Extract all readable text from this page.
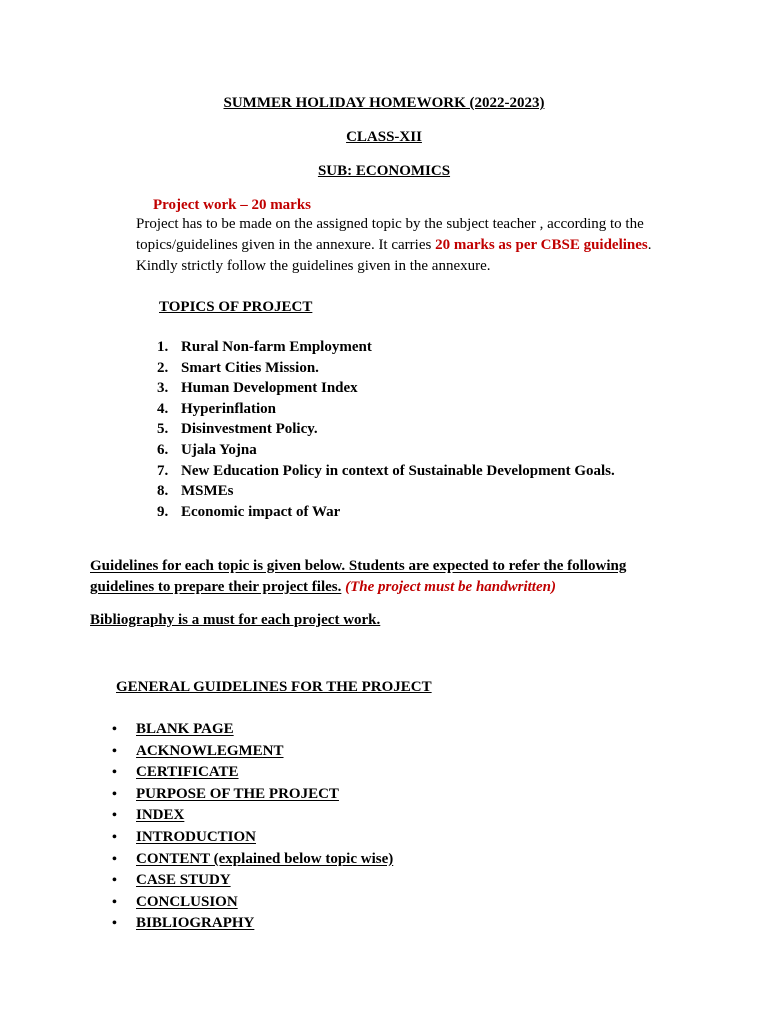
SUMMER HOLIDAY HOMEWORK (2022-2023)
CLASS-XII
SUB: ECONOMICS
Project work – 20 marks

Project has to be made on the assigned topic by the subject teacher , according to the topics/guidelines given in the annexure. It carries 20 marks as per CBSE guidelines.

Kindly strictly follow the guidelines given in the annexure.

TOPICS OF PROJECT
1. Rural Non-farm Employment
2. Smart Cities Mission.
3. Human Development Index
4. Hyperinflation
5. Disinvestment Policy.
6. Ujala Yojna
7. New Education Policy in context of Sustainable Development Goals.
8. MSMEs
9. Economic impact of War
Guidelines for each topic is given below. Students are expected to refer the following
guidelines to prepare their project files. (The project must be handwritten)
Bibliography is a must for each project work.
GENERAL GUIDELINES FOR THE PROJECT
• BLANK PAGE
• ACKNOWLEGMENT
• CERTIFICATE
• PURPOSE OF THE PROJECT
• INDEX
• INTRODUCTION
• CONTENT (explained below topic wise)
• CASE STUDY
• CONCLUSION
• BIBLIOGRAPHY
